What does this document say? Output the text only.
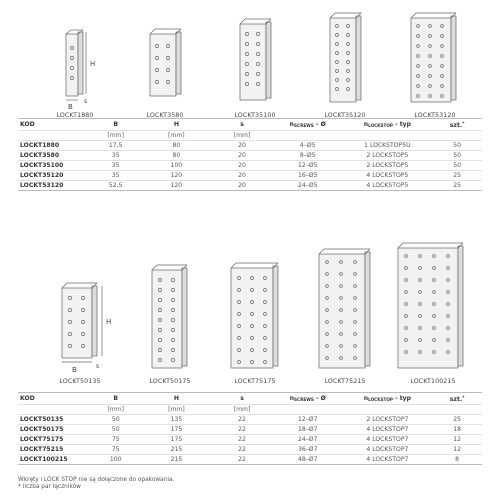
H
B
s
LOCKT1880	LOCKT3580	LOCKT35100	LOCKT35120	LOCKT53120
KOD	B	H	s	$n_{SCREWS}$ - Ø	$n_{LOCKSTOP}$ - typ	szt.*
	[mm]	[mm]	[mm]			
LOCKT1880	17,5	80	20	4–Ø5	1 LOCKSTOP5U	50
LOCKT3580	35	80	20	8–Ø5	2 LOCKSTOP5	50
LOCKT35100	35	100	20	12–Ø5	2 LOCKSTOP5	50
LOCKT35120	35	120	20	16–Ø5	4 LOCKSTOP5	25
LOCKT53120	52,5	120	20	24–Ø5	4 LOCKSTOP5	25
H
B	s
LOCKT50135	LOCKT50175	LOCKT75175	LOCKT75215	LOCKT100215
KOD	B	H	s	$n_{SCREWS}$ - Ø	$n_{LOCKSTOP}$ - typ	szt.*
	[mm]	[mm]	[mm]			
LOCKT50135	50	135	22	12–Ø7	2 LOCKSTOP7	25
LOCKT50175	50	175	22	18–Ø7	4 LOCKSTOP7	18
LOCKT75175	75	175	22	24–Ø7	4 LOCKSTOP7	12
LOCKT75215	75	215	22	36–Ø7	4 LOCKSTOP7	12
LOCKT100215	100	215	22	48–Ø7	4 LOCKSTOP7	8
Wkręty i LOCK STOP nie są dołączone do opakowania.
* liczba par łączników
